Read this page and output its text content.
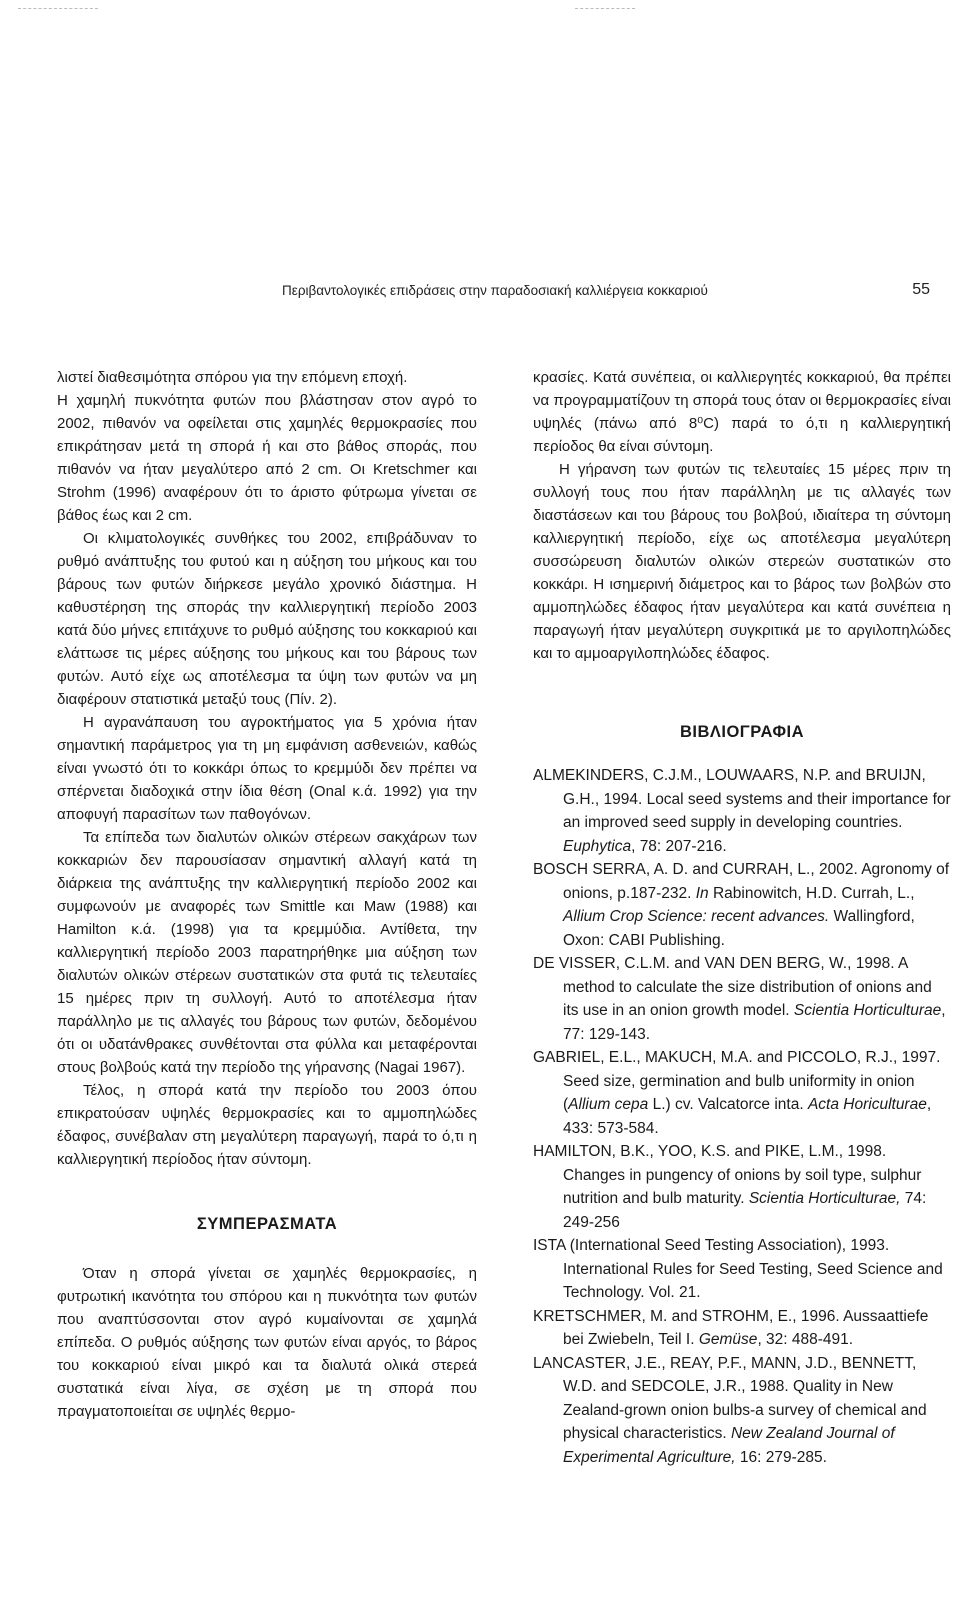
Περιβαντολογικές επιδράσεις στην παραδοσιακή καλλιέργεια κοκκαριού	55

λιστεί διαθεσιμότητα σπόρου για την επόμενη εποχή.

Η χαμηλή πυκνότητα φυτών που βλάστησαν στον αγρό το 2002, πιθανόν να οφείλεται στις χαμηλές θερμοκρασίες που επικράτησαν μετά τη σπορά ή και στο βάθος σποράς, που πιθανόν να ήταν μεγαλύτερο από 2 cm. Οι Kretschmer και Strohm (1996) αναφέρουν ότι το άριστο φύτρωμα γίνεται σε βάθος έως και 2 cm.

Οι κλιματολογικές συνθήκες του 2002, επιβράδυναν το ρυθμό ανάπτυξης του φυτού και η αύξηση του μήκους και του βάρους των φυτών διήρκεσε μεγάλο χρονικό διάστημα. Η καθυστέρηση της σποράς την καλλιεργητική περίοδο 2003 κατά δύο μήνες επιτάχυνε το ρυθμό αύξησης του κοκκαριού και ελάττωσε τις μέρες αύξησης του μήκους και του βάρους των φυτών. Αυτό είχε ως αποτέλεσμα τα ύψη των φυτών να μη διαφέρουν στατιστικά μεταξύ τους (Πίν. 2).

Η αγρανάπαυση του αγροκτήματος για 5 χρόνια ήταν σημαντική παράμετρος για τη μη εμφάνιση ασθενειών, καθώς είναι γνωστό ότι το κοκκάρι όπως το κρεμμύδι δεν πρέπει να σπέρνεται διαδοχικά στην ίδια θέση (Onal κ.ά. 1992) για την αποφυγή παρασίτων των παθογόνων.

Τα επίπεδα των διαλυτών ολικών στέρεων σακχάρων των κοκκαριών δεν παρουσίασαν σημαντική αλλαγή κατά τη διάρκεια της ανάπτυξης την καλλιεργητική περίοδο 2002 και συμφωνούν με αναφορές των Smittle και Maw (1988) και Hamilton κ.ά. (1998) για τα κρεμμύδια. Αντίθετα, την καλλιεργητική περίοδο 2003 παρατηρήθηκε μια αύξηση των διαλυτών ολικών στέρεων συστατικών στα φυτά τις τελευταίες 15 ημέρες πριν τη συλλογή. Αυτό το αποτέλεσμα ήταν παράλληλο με τις αλλαγές του βάρους των φυτών, δεδομένου ότι οι υδατάνθρακες συνθέτονται στα φύλλα και μεταφέρονται στους βολβούς κατά την περίοδο της γήρανσης (Nagai 1967).

Τέλος, η σπορά κατά την περίοδο του 2003 όπου επικρατούσαν υψηλές θερμοκρασίες και το αμμοπηλώδες έδαφος, συνέβαλαν στη μεγαλύτερη παραγωγή, παρά το ό,τι η καλλιεργητική περίοδος ήταν σύντομη.

ΣΥΜΠΕΡΑΣΜΑΤΑ

Όταν η σπορά γίνεται σε χαμηλές θερμοκρασίες, η φυτρωτική ικανότητα του σπόρου και η πυκνότητα των φυτών που αναπτύσσονται στον αγρό κυμαίνονται σε χαμηλά επίπεδα. Ο ρυθμός αύξησης των φυτών είναι αργός, το βάρος του κοκκαριού είναι μικρό και τα διαλυτά ολικά στερεά συστατικά είναι λίγα, σε σχέση με τη σπορά που πραγματοποιείται σε υψηλές θερμο-

κρασίες. Κατά συνέπεια, οι καλλιεργητές κοκκαριού, θα πρέπει να προγραμματίζουν τη σπορά τους όταν οι θερμοκρασίες είναι υψηλές (πάνω από 8⁰C) παρά το ό,τι η καλλιεργητική περίοδος θα είναι σύντομη.

Η γήρανση των φυτών τις τελευταίες 15 μέρες πριν τη συλλογή τους που ήταν παράλληλη με τις αλλαγές των διαστάσεων και του βάρους του βολβού, ιδιαίτερα τη σύντομη καλλιεργητική περίοδο, είχε ως αποτέλεσμα μεγαλύτερη συσσώρευση διαλυτών ολικών στερεών συστατικών στο κοκκάρι. Η ισημερινή διάμετρος και το βάρος των βολβών στο αμμοπηλώδες έδαφος ήταν μεγαλύτερα και κατά συνέπεια η παραγωγή ήταν μεγαλύτερη συγκριτικά με το αργιλοπηλώδες και το αμμοαργιλοπηλώδες έδαφος.

ΒΙΒΛΙΟΓΡΑΦΙΑ

ALMEKINDERS, C.J.M., LOUWAARS, N.P. and BRUIJN, G.H., 1994. Local seed systems and their importance for an improved seed supply in developing countries. Euphytica, 78: 207-216.

BOSCH SERRA, A. D. and CURRAH, L., 2002. Agronomy of onions, p.187-232. In Rabinowitch, H.D. Currah, L., Allium Crop Science: recent advances. Wallingford, Oxon: CABI Publishing.

DE VISSER, C.L.M. and VAN DEN BERG, W., 1998. A method to calculate the size distribution of onions and its use in an onion growth model. Scientia Horticulturae, 77: 129-143.

GABRIEL, E.L., MAKUCH, M.A. and PICCOLO, R.J., 1997. Seed size, germination and bulb uniformity in onion (Allium cepa L.) cv. Valcatorce inta. Acta Horiculturae, 433: 573-584.

HAMILTON, B.K., YOO, K.S. and PIKE, L.M., 1998. Changes in pungency of onions by soil type, sulphur nutrition and bulb maturity. Scientia Horticulturae, 74: 249-256

ISTA (International Seed Testing Association), 1993. International Rules for Seed Testing, Seed Science and Technology. Vol. 21.

KRETSCHMER, M. and STROHM, E., 1996. Aussaattiefe bei Zwiebeln, Teil I. Gemüse, 32: 488-491.

LANCASTER, J.E., REAY, P.F., MANN, J.D., BENNETT, W.D. and SEDCOLE, J.R., 1988. Quality in New Zealand-grown onion bulbs-a survey of chemical and physical characteristics. New Zealand Journal of Experimental Agriculture, 16: 279-285.
